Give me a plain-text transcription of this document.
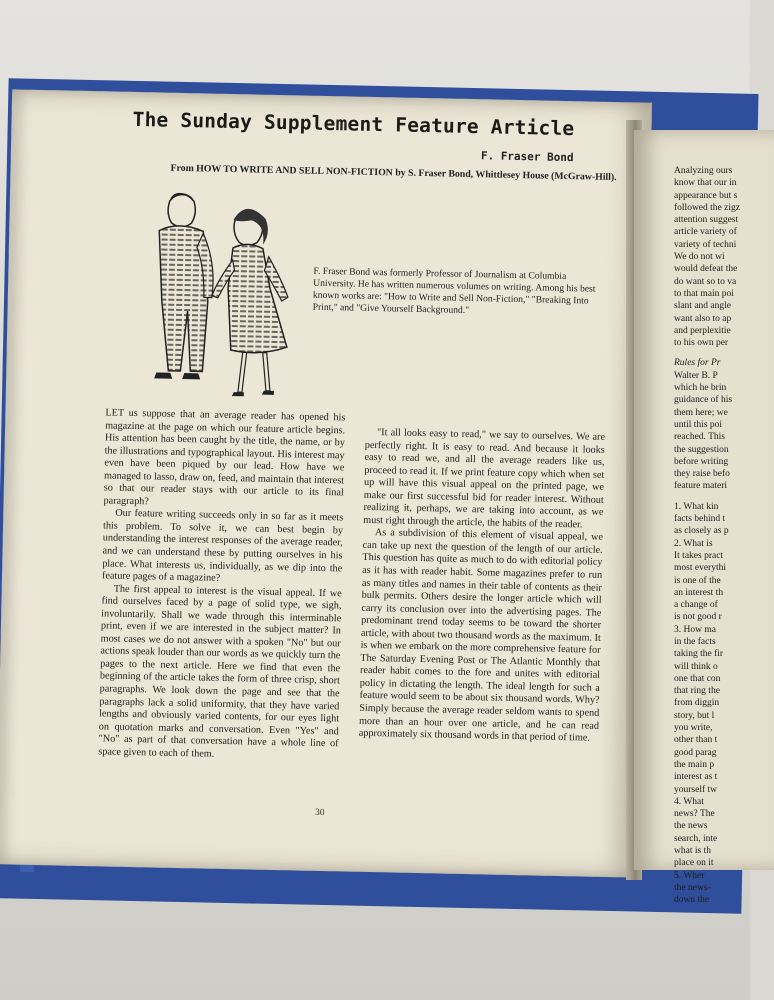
The Sunday Supplement Feature Article
F. Fraser Bond
From HOW TO WRITE AND SELL NON-FICTION by S. Fraser Bond, Whittlesey House (McGraw-Hill).
F. Fraser Bond was formerly Professor of Journalism at Columbia University. He has written numerous volumes on writing. Among his best known works are: "How to Write and Sell Non-Fiction," "Breaking Into Print," and "Give Yourself Background."

LET us suppose that an average reader has opened his magazine at the page on which our feature article begins. His attention has been caught by the title, the name, or by the illustrations and typographical layout. His interest may even have been piqued by our lead. How have we managed to lasso, draw on, feed, and maintain that interest so that our reader stays with our article to its final paragraph?

Our feature writing succeeds only in so far as it meets this problem. To solve it, we can best begin by understanding the interest responses of the average reader, and we can understand these by putting ourselves in his place. What interests us, individually, as we dip into the feature pages of a magazine?

The first appeal to interest is the visual appeal. If we find ourselves faced by a page of solid type, we sigh, involuntarily. Shall we wade through this interminable print, even if we are interested in the subject matter? In most cases we do not answer with a spoken "No" but our actions speak louder than our words as we quickly turn the pages to the next article. Here we find that even the beginning of the article takes the form of three crisp, short paragraphs. We look down the page and see that the paragraphs lack a solid uniformity, that they have varied lengths and obviously varied contents, for our eyes light on quotation marks and conversation. Even "Yes" and "No" as part of that conversation have a whole line of space given to each of them.

"It all looks easy to read," we say to ourselves. We are perfectly right. It is easy to read. And because it looks easy to read we, and all the average readers like us, proceed to read it. If we print feature copy which when set up will have this visual appeal on the printed page, we make our first successful bid for reader interest. Without realizing it, perhaps, we are taking into account, as we must right through the article, the habits of the reader.

As a subdivision of this element of visual appeal, we can take up next the question of the length of our article. This question has quite as much to do with editorial policy as it has with reader habit. Some magazines prefer to run as many titles and names in their table of contents as their bulk permits. Others desire the longer article which will carry its conclusion over into the advertising pages. The predominant trend today seems to be toward the shorter article, with about two thousand words as the maximum. It is when we embark on the more comprehensive feature for The Saturday Evening Post or The Atlantic Monthly that reader habit comes to the fore and unites with editorial policy in dictating the length. The ideal length for such a feature would seem to be about six thousand words. Why? Simply because the average reader seldom wants to spend more than an hour over one article, and he can read approximately six thousand words in that period of time.

30
Analyzing ours
know that our in
appearance but s
followed the zigz
attention suggest
article variety of
variety of techni
We do not wi
would defeat the
do want so to va
to that main poi
slant and angle
want also to ap
and perplexitie
to his own per
Rules for Pr
Walter B. P
which he brin
guidance of his
them here; we
until this poi
reached. This
the suggestion
before writing
they raise befo
feature materi
1. What kin
facts behind t
as closely as p
2. What is
It takes pract
most everythi
is one of the
an interest th
a change of
is not good r
3. How ma
in the facts
taking the fir
will think o
one that con
that ring the
from diggin
story, but l
you write,
other than t
good parag
the main p
interest as t
yourself tw
4. What
news? The
the news
search, inte
what is th
place on it
5. Wher
the news-
down the
